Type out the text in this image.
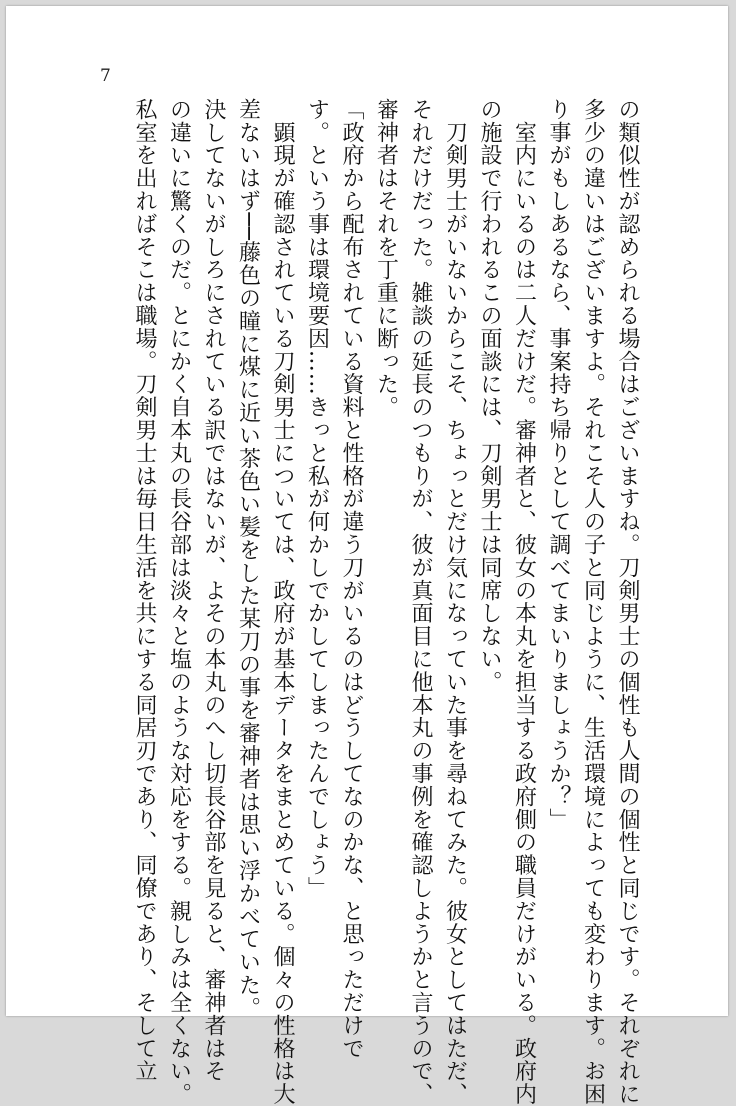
7
の類似性が認められる場合はございますね。刀剣男士の個性も人間の個性と同じです。それぞれに
多少の違いはございますよ。それこそ人の子と同じように、生活環境によっても変わります。お困
り事がもしあるなら、事案持ち帰りとして調べてまいりましょうか？」
　室内にいるのは二人だけだ。審神者と、彼女の本丸を担当する政府側の職員だけがいる。政府内
の施設で行われるこの面談には、刀剣男士は同席しない。
　刀剣男士がいないからこそ、ちょっとだけ気になっていた事を尋ねてみた。彼女としてはただ、
それだけだった。雑談の延長のつもりが、彼が真面目に他本丸の事例を確認しようかと言うので、
審神者はそれを丁重に断った。
「政府から配布されている資料と性格が違う刀がいるのはどうしてなのかな、と思っただけで
す。という事は環境要因……きっと私が何かしでかしてしまったんでしょう」
　顕現が確認されている刀剣男士については、政府が基本データをまとめている。個々の性格は大
差ないはず──藤色の瞳に煤に近い茶色い髪をした某刀の事を審神者は思い浮かべていた。
決してないがしろにされている訳ではないが、よその本丸のへし切長谷部を見ると、審神者はそ
の違いに驚くのだ。とにかく自本丸の長谷部は淡々と塩のような対応をする。親しみは全くない。
私室を出ればそこは職場。刀剣男士は毎日生活を共にする同居刃であり、同僚であり、そして立
